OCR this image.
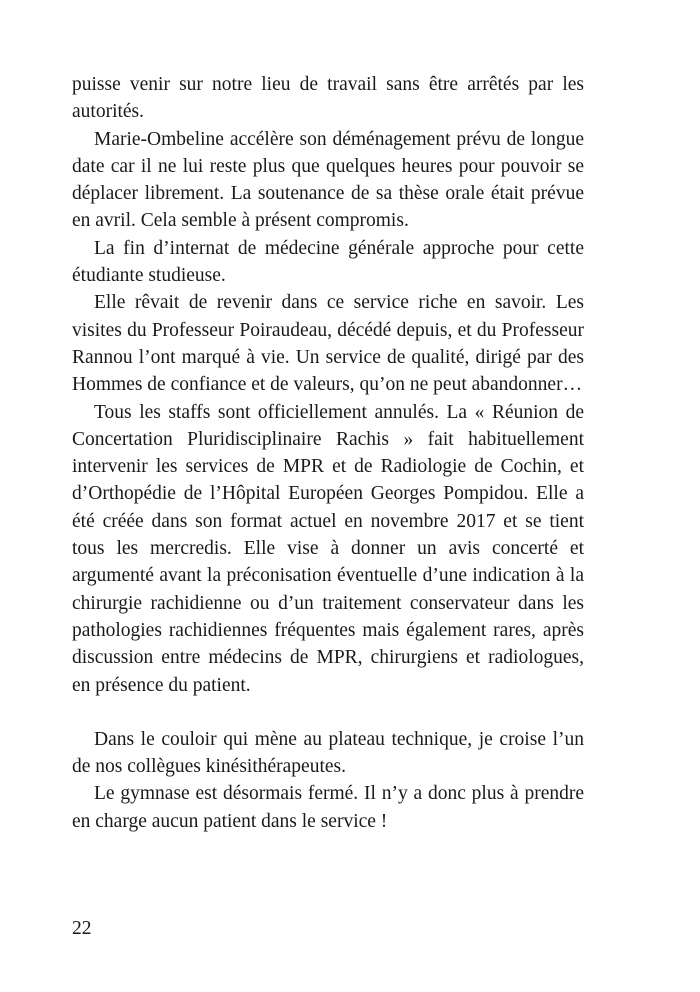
puisse venir sur notre lieu de travail sans être arrêtés par les autorités.

Marie-Ombeline accélère son déménagement prévu de longue date car il ne lui reste plus que quelques heures pour pouvoir se déplacer librement. La soutenance de sa thèse orale était prévue en avril. Cela semble à présent compromis.

La fin d’internat de médecine générale approche pour cette étudiante studieuse.

Elle rêvait de revenir dans ce service riche en savoir. Les visites du Professeur Poiraudeau, décédé depuis, et du Professeur Rannou l’ont marqué à vie. Un service de qualité, dirigé par des Hommes de confiance et de valeurs, qu’on ne peut abandonner…

Tous les staffs sont officiellement annulés. La « Réunion de Concertation Pluridisciplinaire Rachis » fait habituellement intervenir les services de MPR et de Radiologie de Cochin, et d’Orthopédie de l’Hôpital Européen Georges Pompidou. Elle a été créée dans son format actuel en novembre 2017 et se tient tous les mercredis. Elle vise à donner un avis concerté et argumenté avant la préconisation éventuelle d’une indication à la chirurgie rachidienne ou d’un traitement conservateur dans les pathologies rachidiennes fréquentes mais également rares, après discussion entre médecins de MPR, chirurgiens et radiologues, en présence du patient.

Dans le couloir qui mène au plateau technique, je croise l’un de nos collègues kinésithérapeutes.

Le gymnase est désormais fermé. Il n’y a donc plus à prendre en charge aucun patient dans le service !

22
